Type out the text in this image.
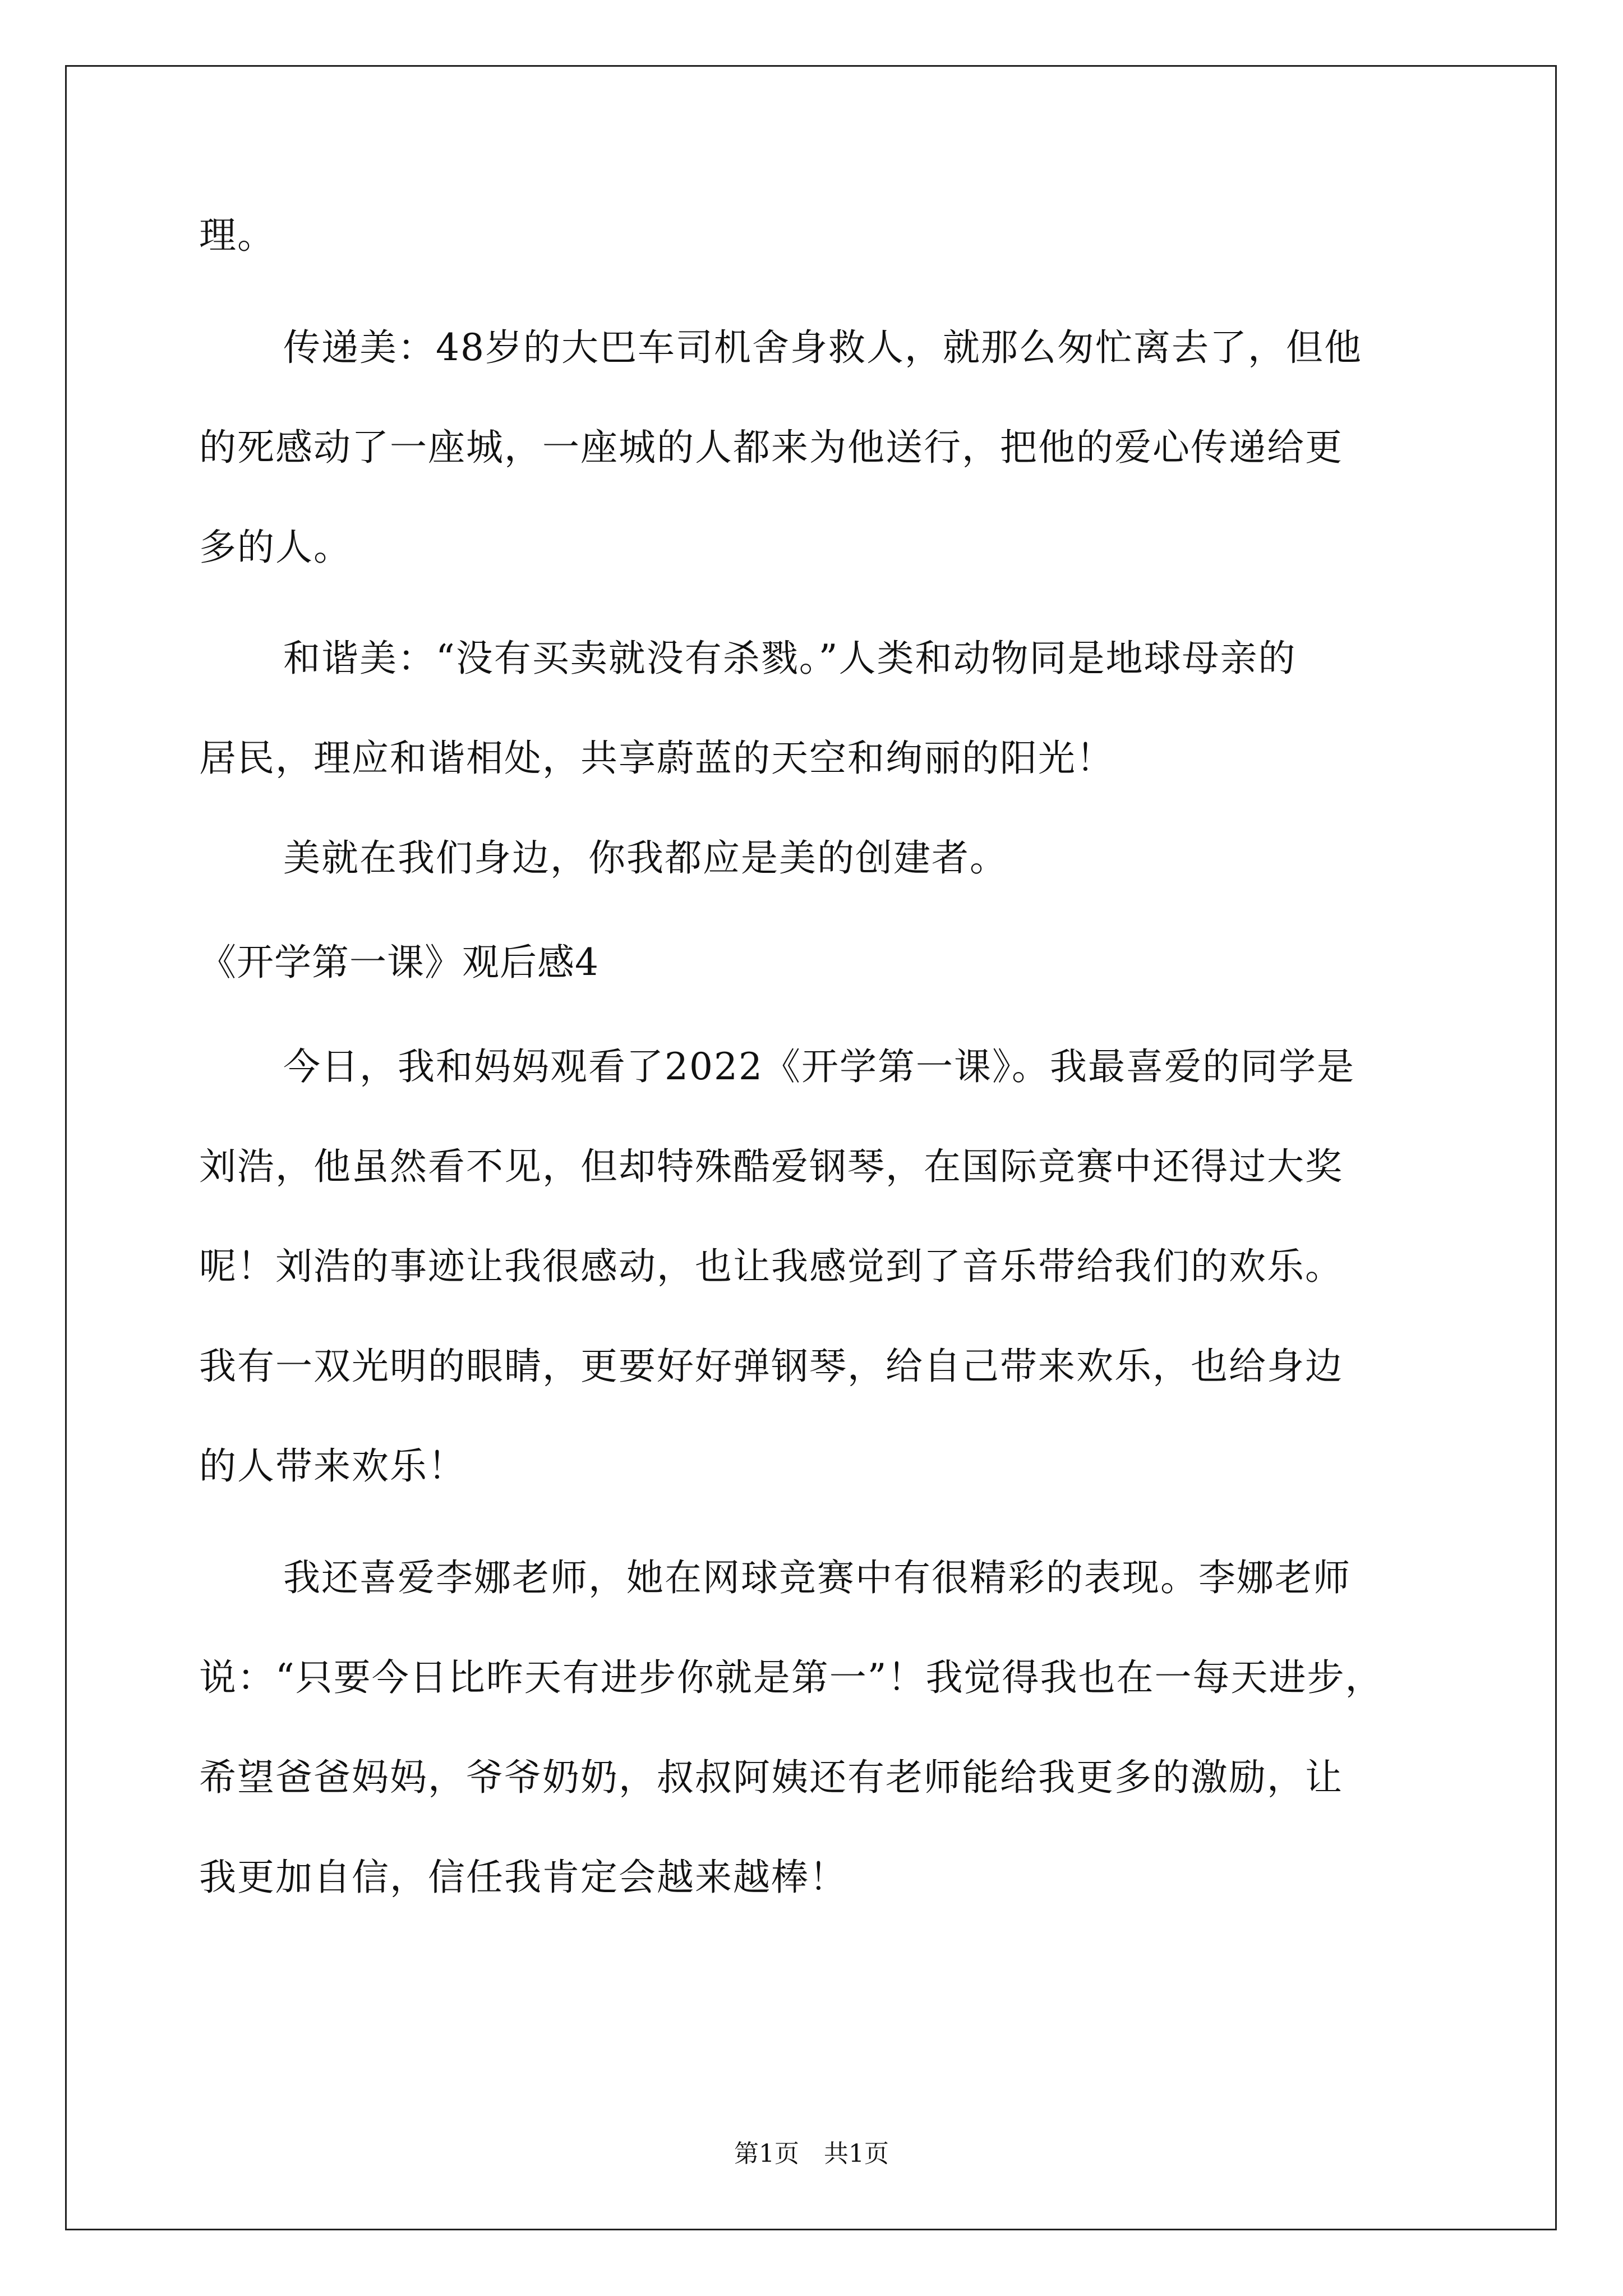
理。
传递美：48岁的大巴车司机舍身救人，就那么匆忙离去了，但他
的死感动了一座城，一座城的人都来为他送行，把他的爱心传递给更
多的人。
和谐美：“没有买卖就没有杀戮。”人类和动物同是地球母亲的
居民，理应和谐相处，共享蔚蓝的天空和绚丽的阳光！
美就在我们身边，你我都应是美的创建者。
《开学第一课》观后感4
今日，我和妈妈观看了2022《开学第一课》。我最喜爱的同学是
刘浩，他虽然看不见，但却特殊酷爱钢琴，在国际竞赛中还得过大奖
呢！刘浩的事迹让我很感动，也让我感觉到了音乐带给我们的欢乐。
我有一双光明的眼睛，更要好好弹钢琴，给自己带来欢乐，也给身边
的人带来欢乐！
我还喜爱李娜老师，她在网球竞赛中有很精彩的表现。李娜老师
说：“只要今日比昨天有进步你就是第一”！我觉得我也在一每天进步，
希望爸爸妈妈，爷爷奶奶，叔叔阿姨还有老师能给我更多的激励，让
我更加自信，信任我肯定会越来越棒！
第1页　共1页
